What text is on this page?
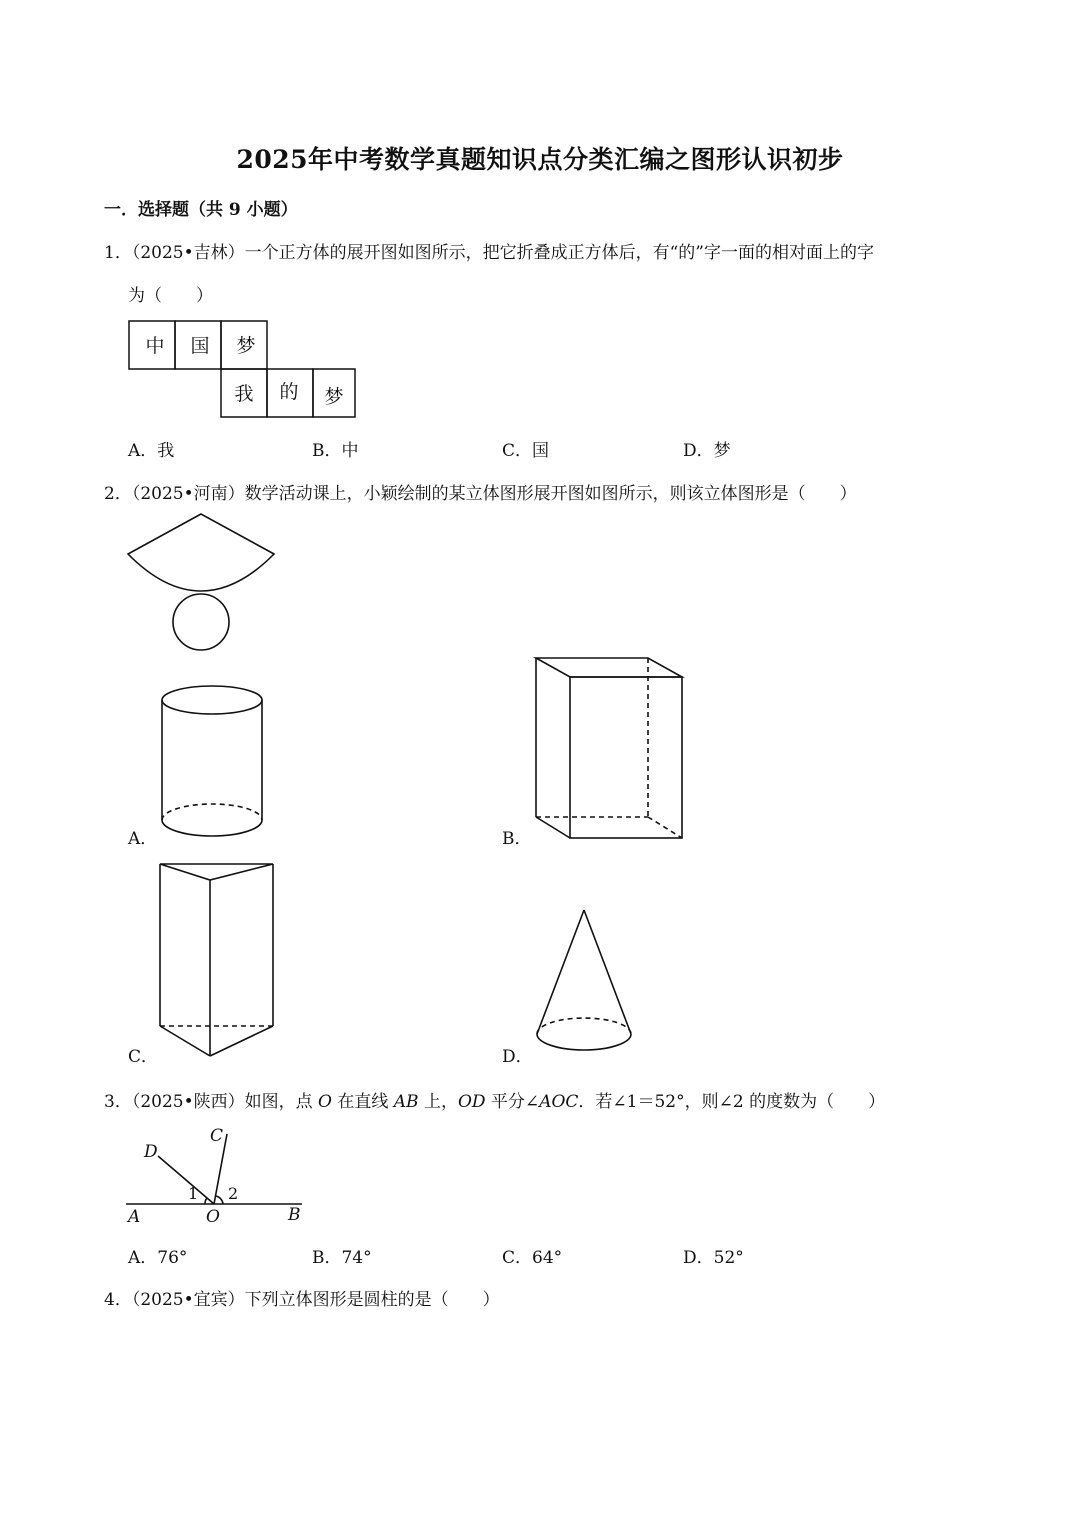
2025年中考数学真题知识点分类汇编之图形认识初步
一．选择题（共 9 小题）
1．（2025•吉林）一个正方体的展开图如图所示，把它折叠成正方体后，有“的”字一面的相对面上的字
为（　　）
中 国 梦
我 的 梦
A．我	B．中	C．国	D．梦
2．（2025•河南）数学活动课上，小颖绘制的某立体图形展开图如图所示，则该立体图形是（　　）
A．	B．
C．	D．
3．（2025•陕西）如图，点 O 在直线 AB 上，OD 平分∠AOC．若∠1＝52°，则∠2 的度数为（　　）
D
C
A	O	B
1 2
A．76°	B．74°	C．64°	D．52°
4．（2025•宜宾）下列立体图形是圆柱的是（　　）
